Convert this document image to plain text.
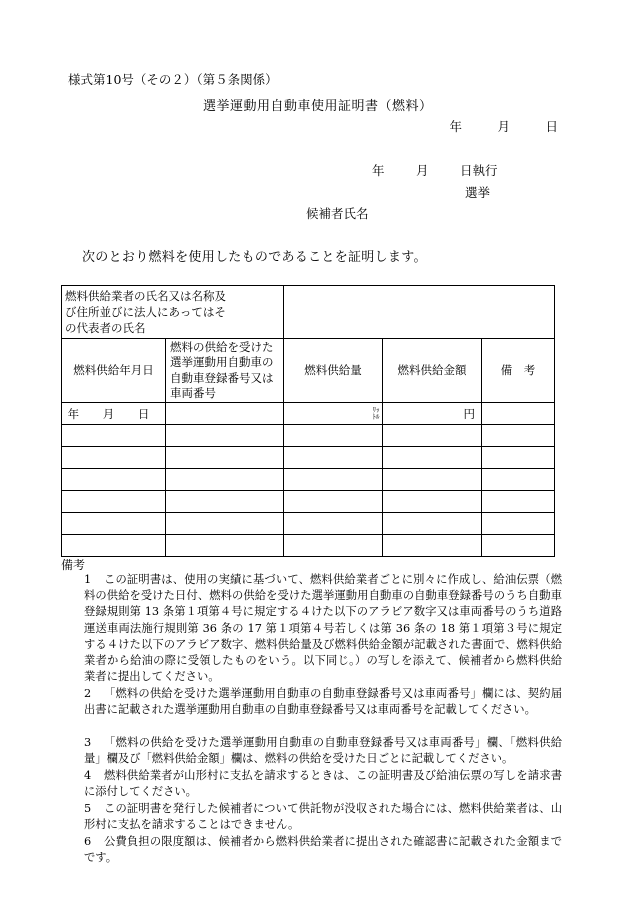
様式第10号（その２）（第５条関係）
選挙運動用自動車使用証明書（燃料）
年	月	日
年	月	日執行
選挙
候補者氏名
次のとおり燃料を使用したものであることを証明します。
燃料供給業者の氏名又は名称及び住所並びに法人にあってはその代表者の氏名				

燃料供給年月日	燃料の供給を受けた選挙運動用自動車の自動車登録番号又は車両番号	燃料供給量	燃料供給金額	備　考
年 月 日		ﾘｯﾄﾙ	円	

備考
1	この証明書は、使用の実績に基づいて、燃料供給業者ごとに別々に作成し、給油伝票（燃料の供給を受けた日付、燃料の供給を受けた選挙運動用自動車の自動車登録番号のうち自動車登録規則第 13 条第１項第４号に規定する４けた以下のアラビア数字又は車両番号のうち道路運送車両法施行規則第 36 条の 17 第１項第４号若しくは第 36 条の 18 第１項第３号に規定する４けた以下のアラビア数字、燃料供給量及び燃料供給金額が記載された書面で、燃料供給業者から給油の際に受領したものをいう。以下同じ。）の写しを添えて、候補者から燃料供給業者に提出してください。
2	「燃料の供給を受けた選挙運動用自動車の自動車登録番号又は車両番号」欄には、契約届出書に記載された選挙運動用自動車の自動車登録番号又は車両番号を記載してください。
3	「燃料の供給を受けた選挙運動用自動車の自動車登録番号又は車両番号」欄、「燃料供給量」欄及び「燃料供給金額」欄は、燃料の供給を受けた日ごとに記載してください。
4	燃料供給業者が山形村に支払を請求するときは、この証明書及び給油伝票の写しを請求書に添付してください。
5	この証明書を発行した候補者について供託物が没収された場合には、燃料供給業者は、山形村に支払を請求することはできません。
6	公費負担の限度額は、候補者から燃料供給業者に提出された確認書に記載された金額までです。
